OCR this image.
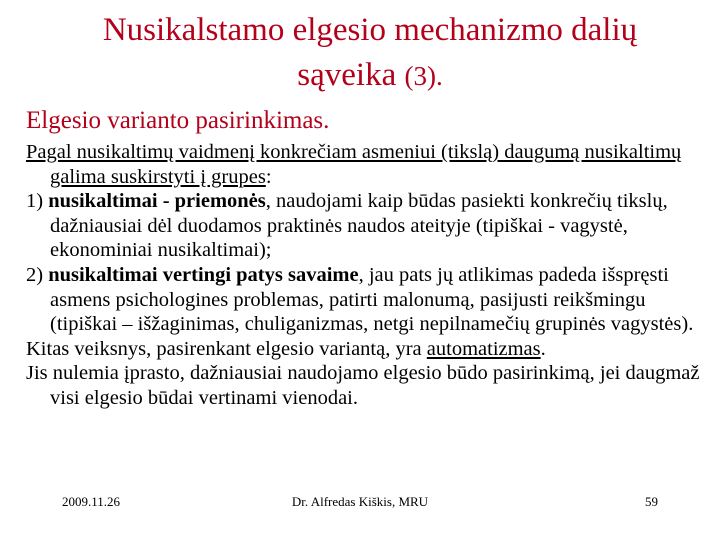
Nusikalstamo elgesio mechanizmo dalių
sąveika (3).
Elgesio varianto pasirinkimas.

Pagal nusikaltimų vaidmenį konkrečiam asmeniui (tikslą) daugumą nusikaltimų galima suskirstyti į grupes:

1) nusikaltimai - priemonės, naudojami kaip būdas pasiekti konkrečių tikslų, dažniausiai dėl duodamos praktinės naudos ateityje (tipiškai - vagystė, ekonominiai nusikaltimai);

2) nusikaltimai vertingi patys savaime, jau pats jų atlikimas padeda išspręsti asmens psichologines problemas, patirti malonumą, pasijusti reikšmingu (tipiškai – išžaginimas, chuliganizmas, netgi nepilnamečių grupinės vagystės).

Kitas veiksnys, pasirenkant elgesio variantą, yra automatizmas.

Jis nulemia įprasto, dažniausiai naudojamo elgesio būdo pasirinkimą, jei daugmaž visi elgesio būdai vertinami vienodai.

2009.11.26	Dr. Alfredas Kiškis, MRU	59
